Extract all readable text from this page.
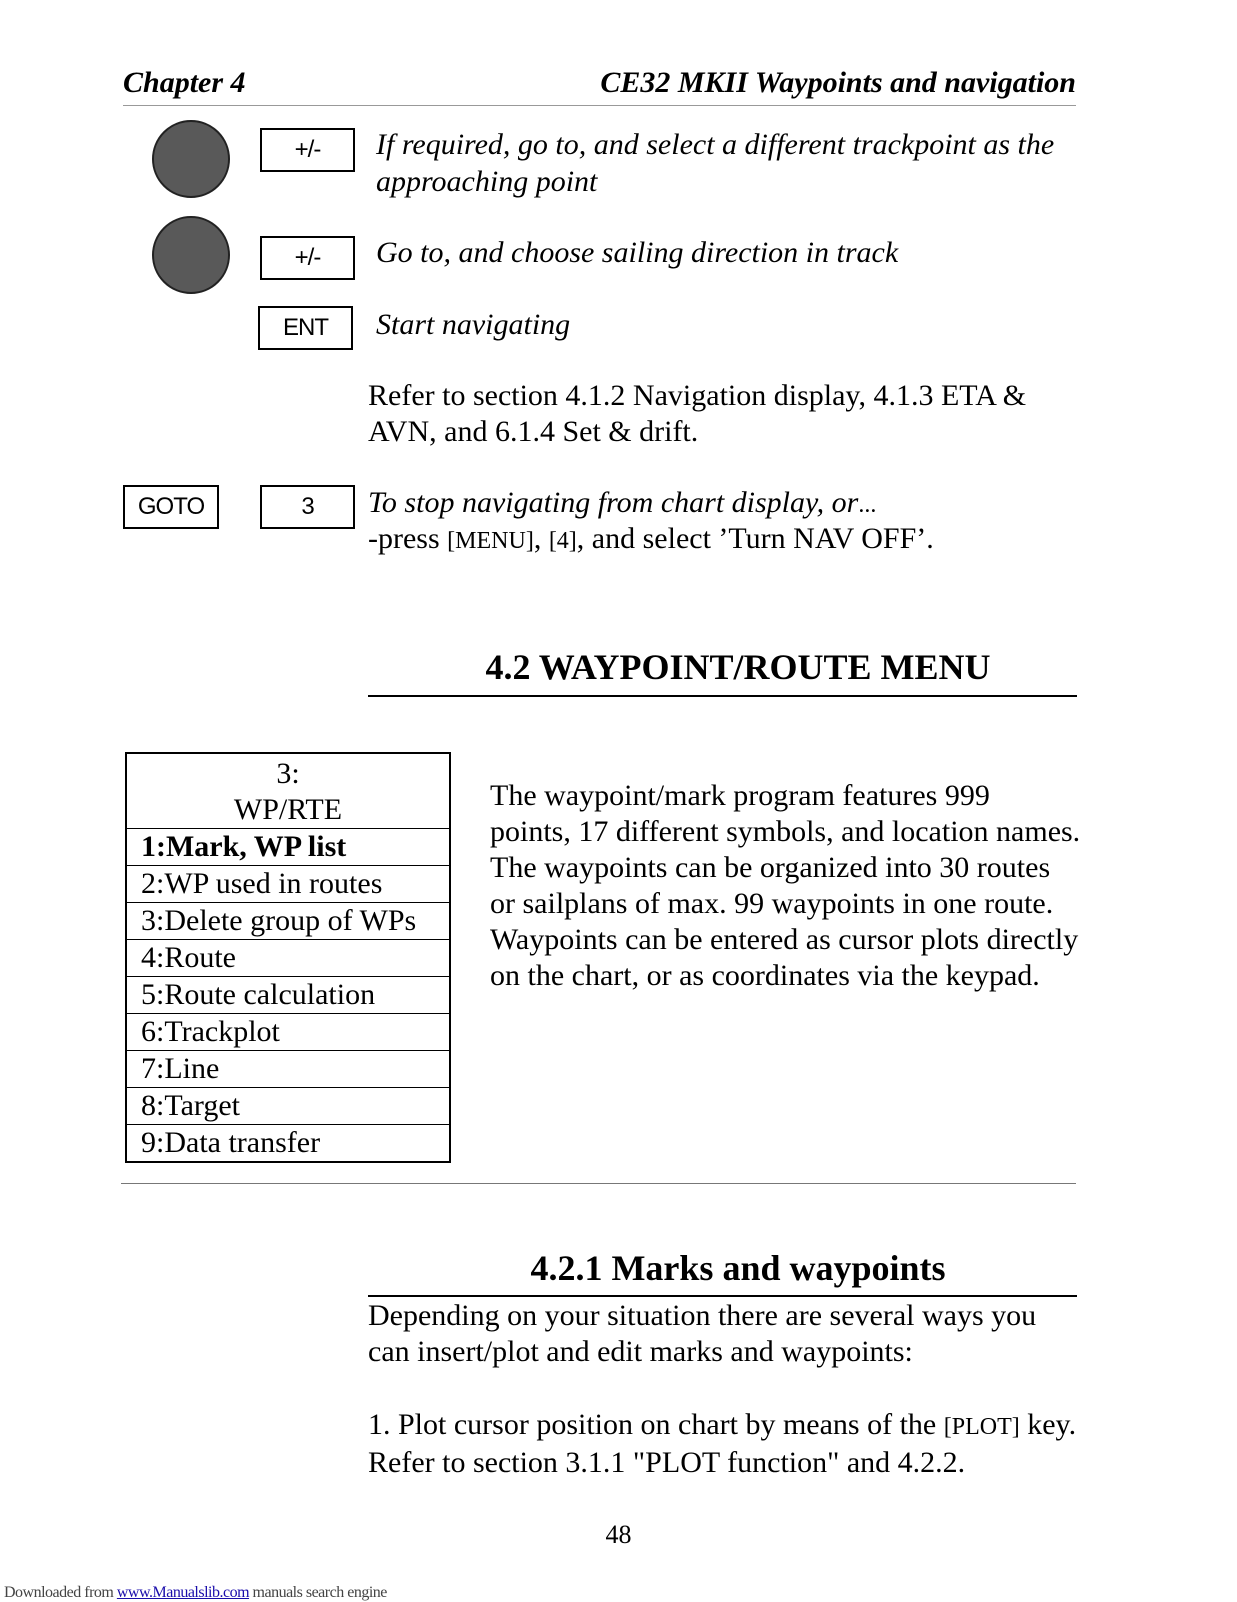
Chapter 4	CE32 MKII Waypoints and navigation
+/-	If required, go to, and select a different trackpoint as the approaching point
+/-	Go to, and choose sailing direction in track
ENT	Start navigating
Refer to section 4.1.2 Navigation display, 4.1.3 ETA & AVN, and 6.1.4 Set & drift.
GOTO	3	To stop navigating from chart display, or...
-press [MENU], [4], and select ’Turn NAV OFF’.
4.2 WAYPOINT/ROUTE MENU
3:
WP/RTE
1:Mark, WP list
2:WP used in routes
3:Delete group of WPs
4:Route
5:Route calculation
6:Trackplot
7:Line
8:Target
9:Data transfer
The waypoint/mark program features 999
points, 17 different symbols, and location names.
The waypoints can be organized into 30 routes
or sailplans of max. 99 waypoints in one route.
Waypoints can be entered as cursor plots directly
on the chart, or as coordinates via the keypad.
4.2.1 Marks and waypoints
Depending on your situation there are several ways you can insert/plot and edit marks and waypoints:
1. Plot cursor position on chart by means of the [PLOT] key. Refer to section 3.1.1 "PLOT function" and 4.2.2.
48
Downloaded from www.Manualslib.com manuals search engine
